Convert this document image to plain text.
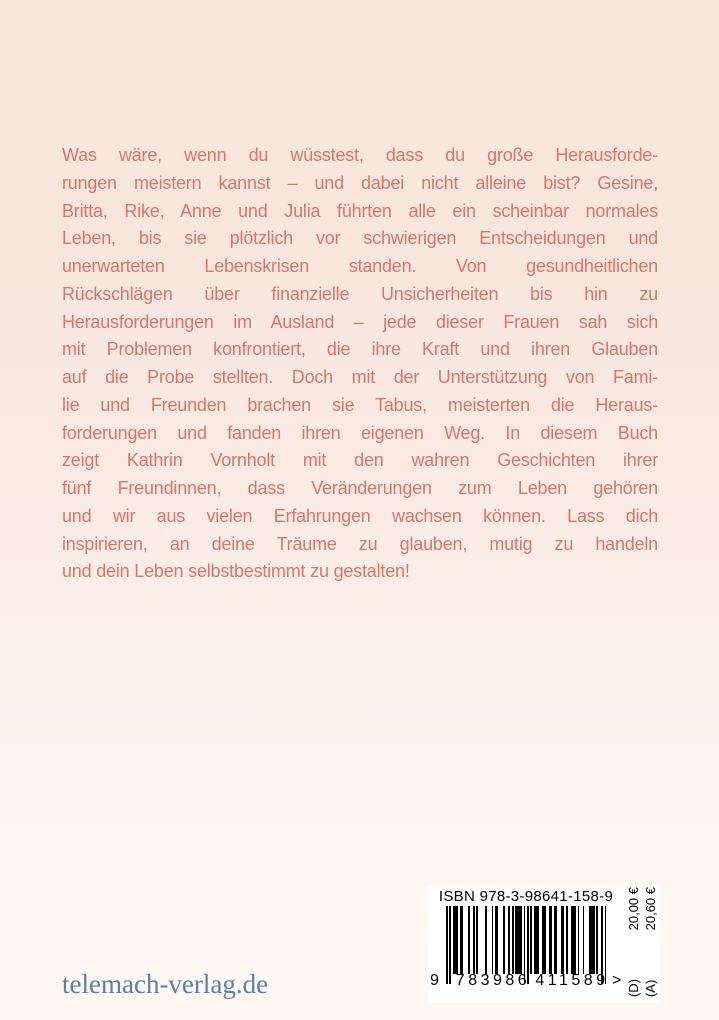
Was wäre, wenn du wüsstest, dass du große Herausforde-
rungen meistern kannst – und dabei nicht alleine bist? Gesine,
Britta, Rike, Anne und Julia führten alle ein scheinbar normales
Leben, bis sie plötzlich vor schwierigen Entscheidungen und
unerwarteten Lebenskrisen standen. Von gesundheitlichen
Rückschlägen über finanzielle Unsicherheiten bis hin zu
Herausforderungen im Ausland – jede dieser Frauen sah sich
mit Problemen konfrontiert, die ihre Kraft und ihren Glauben
auf die Probe stellten. Doch mit der Unterstützung von Fami-
lie und Freunden brachen sie Tabus, meisterten die Heraus-
forderungen und fanden ihren eigenen Weg. In diesem Buch
zeigt Kathrin Vornholt mit den wahren Geschichten ihrer
fünf Freundinnen, dass Veränderungen zum Leben gehören
und wir aus vielen Erfahrungen wachsen können. Lass dich
inspirieren, an deine Träume zu glauben, mutig zu handeln
und dein Leben selbstbestimmt zu gestalten!
telemach-verlag.de
ISBN 978-3-98641-158-9
9 783986 411589 >
20,00 € 20,60 €
(D) (A)
